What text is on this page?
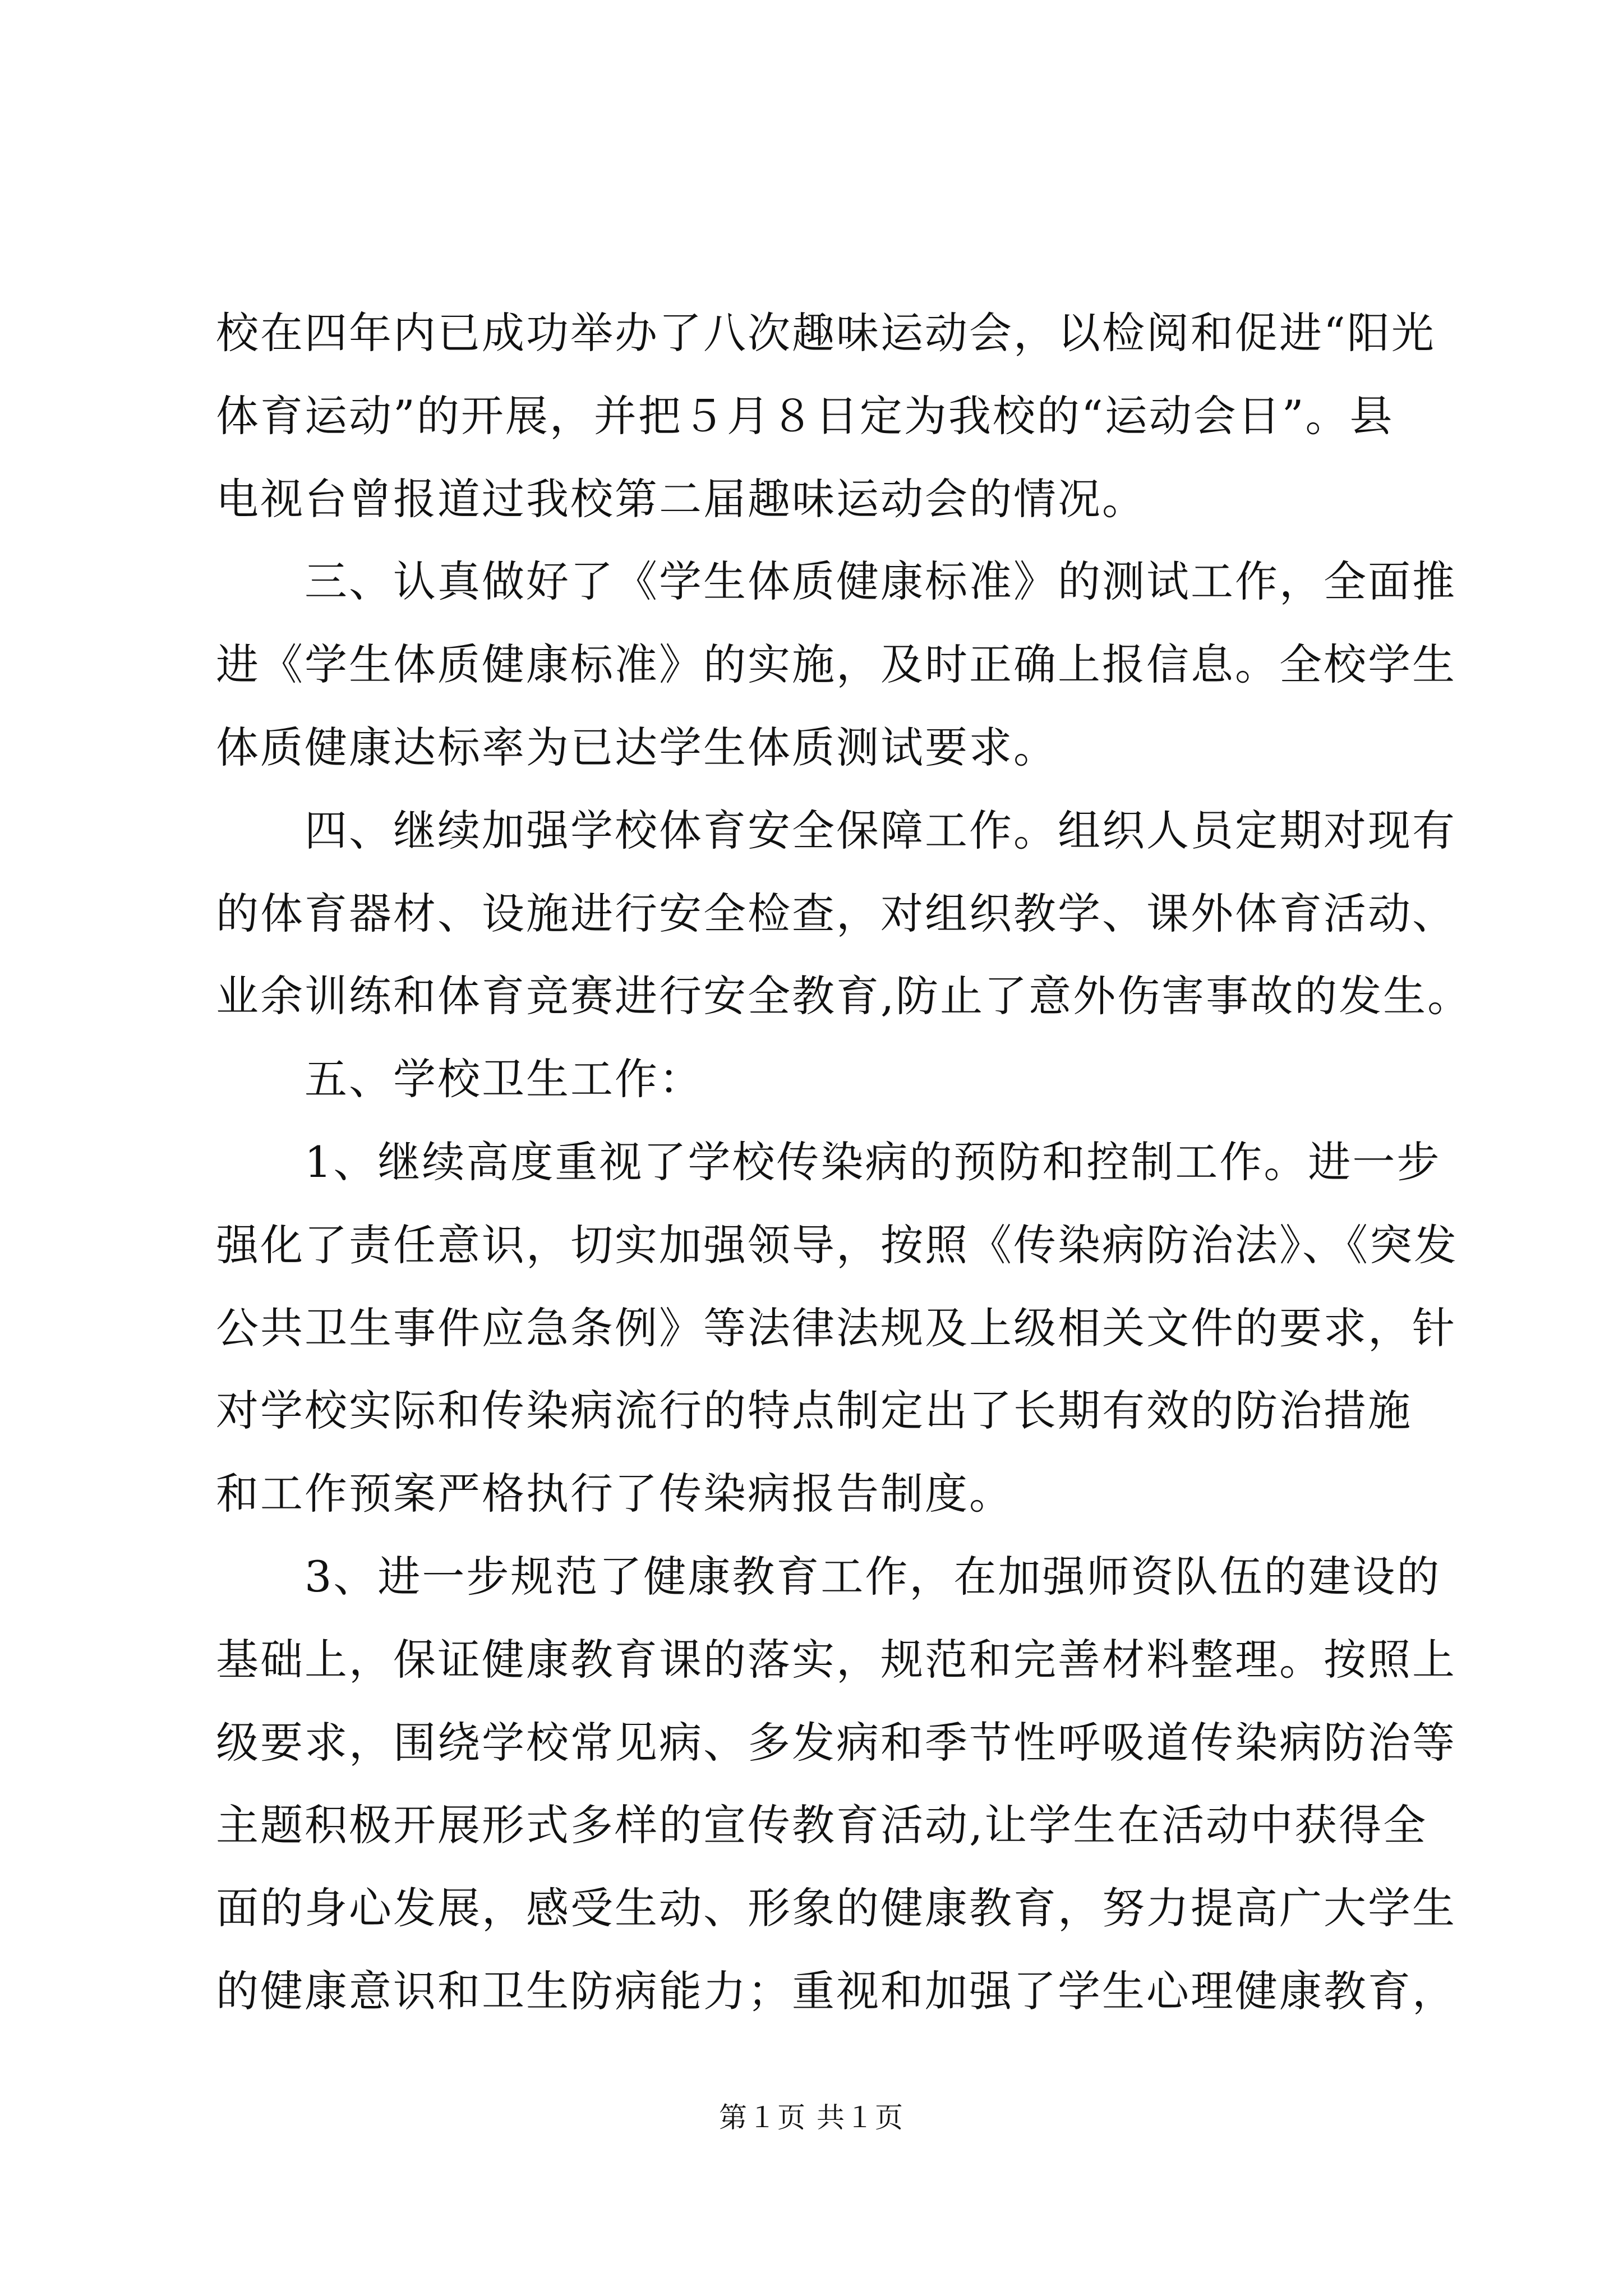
校在四年内已成功举办了八次趣味运动会，以检阅和促进“阳光
体育运动”的开展，并把５月８日定为我校的“运动会日”。县
电视台曾报道过我校第二届趣味运动会的情况。
　　三、认真做好了《学生体质健康标准》的测试工作，全面推
进《学生体质健康标准》的实施，及时正确上报信息。全校学生
体质健康达标率为已达学生体质测试要求。
　　四、继续加强学校体育安全保障工作。组织人员定期对现有
的体育器材、设施进行安全检查，对组织教学、课外体育活动、
业余训练和体育竞赛进行安全教育,防止了意外伤害事故的发生。
　　五、学校卫生工作：
　　1、继续高度重视了学校传染病的预防和控制工作。进一步
强化了责任意识，切实加强领导，按照《传染病防治法》、《突发
公共卫生事件应急条例》等法律法规及上级相关文件的要求，针
对学校实际和传染病流行的特点制定出了长期有效的防治措施
和工作预案严格执行了传染病报告制度。
　　3、进一步规范了健康教育工作，在加强师资队伍的建设的
基础上，保证健康教育课的落实，规范和完善材料整理。按照上
级要求，围绕学校常见病、多发病和季节性呼吸道传染病防治等
主题积极开展形式多样的宣传教育活动,让学生在活动中获得全
面的身心发展，感受生动、形象的健康教育，努力提高广大学生
的健康意识和卫生防病能力；重视和加强了学生心理健康教育，
第１页 共１页
